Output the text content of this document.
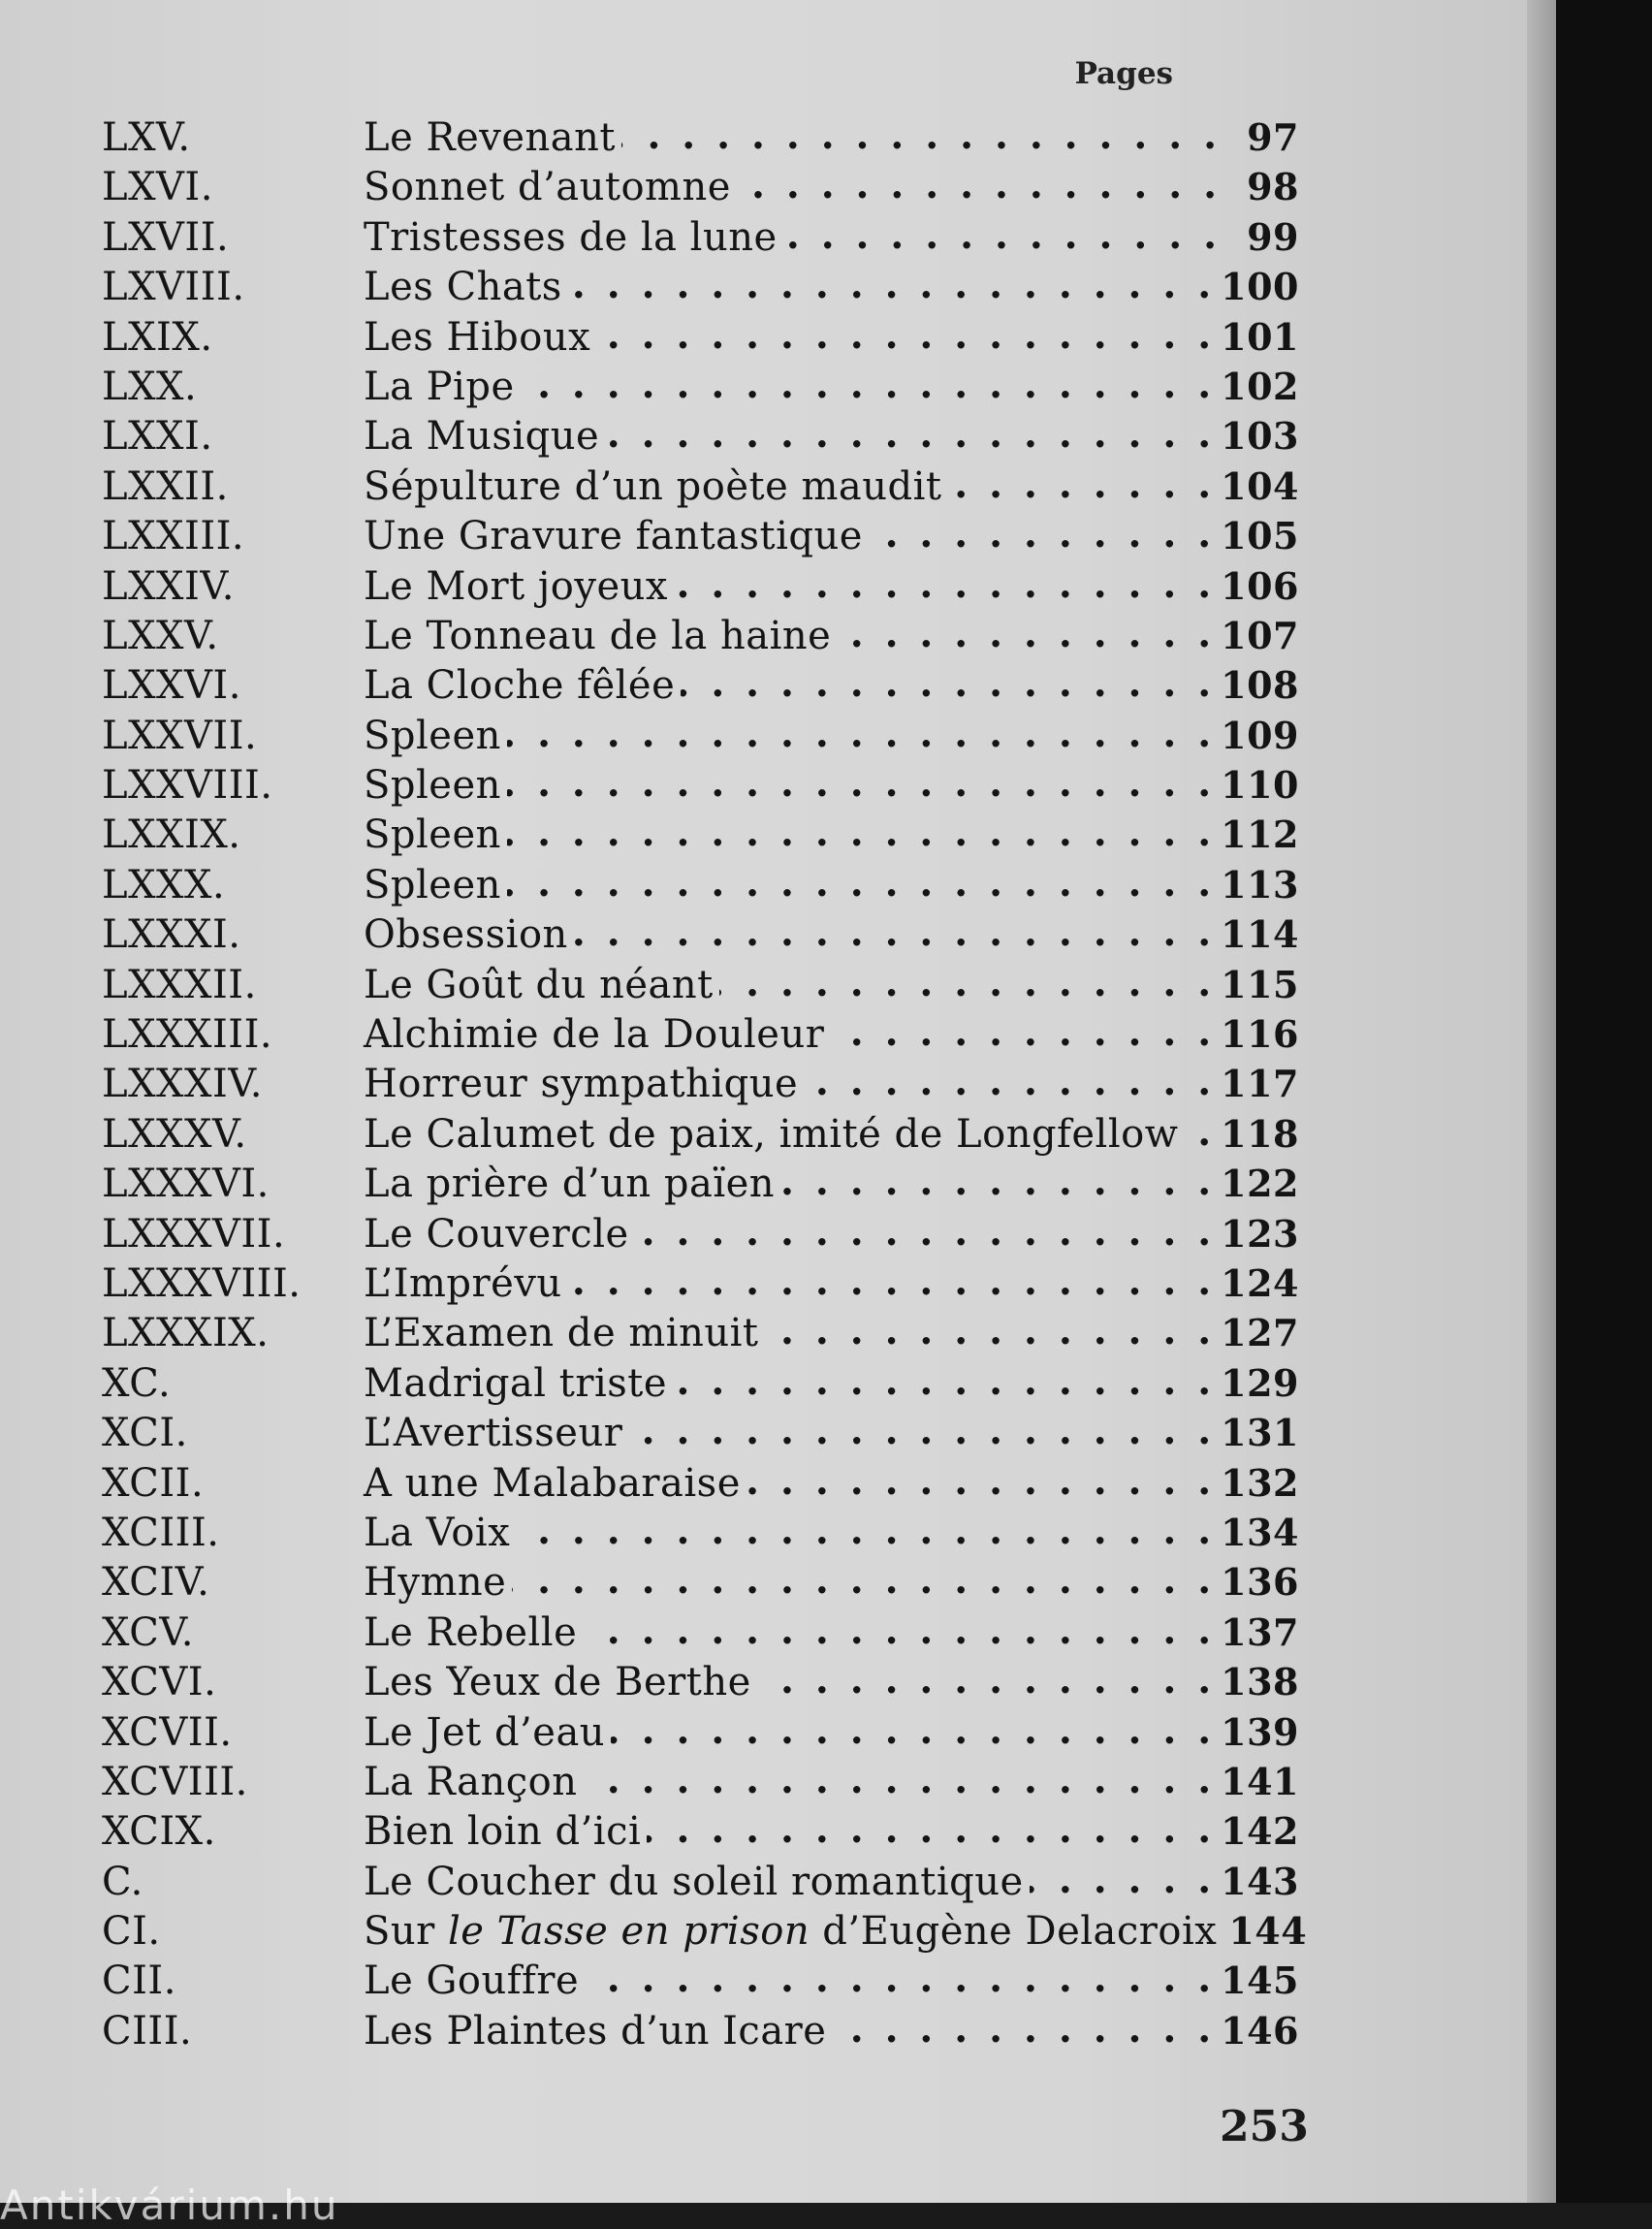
Pages
LXV.	Le Revenant . . .	97
LXVI.	Sonnet d’automne . . .	98
LXVII.	Tristesses de la lune . . .	99
LXVIII.	Les Chats . . .	100
LXIX.	Les Hiboux . . .	101
LXX.	La Pipe . . .	102
LXXI.	La Musique . . .	103
LXXII.	Sépulture d’un poète maudit . . .	104
LXXIII.	Une Gravure fantastique . . .	105
LXXIV.	Le Mort joyeux . . .	106
LXXV.	Le Tonneau de la haine . . .	107
LXXVI.	La Cloche fêlée . . .	108
LXXVII.	Spleen . . .	109
LXXVIII.	Spleen . . .	110
LXXIX.	Spleen . . .	112
LXXX.	Spleen . . .	113
LXXXI.	Obsession . . .	114
LXXXII.	Le Goût du néant . . .	115
LXXXIII.	Alchimie de la Douleur . . .	116
LXXXIV.	Horreur sympathique . . .	117
LXXXV.	Le Calumet de paix, imité de Longfellow . . . 118
LXXXVI.	La prière d’un païen . . .	122
LXXXVII.	Le Couvercle . . .	123
LXXXVIII.	L’Imprévu . . .	124
LXXXIX.	L’Examen de minuit . . .	127
XC.	Madrigal triste . . .	129
XCI.	L’Avertisseur . . .	131
XCII.	A une Malabaraise . . .	132
XCIII.	La Voix . . .	134
XCIV.	Hymne . . .	136
XCV.	Le Rebelle . . .	137
XCVI.	Les Yeux de Berthe . . .	138
XCVII.	Le Jet d’eau . . .	139
XCVIII.	La Rançon . . .	141
XCIX.	Bien loin d’ici . . .	142
C.	Le Coucher du soleil romantique . . .	143
CI.	Sur le Tasse en prison d’Eugène Delacroix 144
CII.	Le Gouffre . . .	145
CIII.	Les Plaintes d’un Icare . . .	146
253
Antikvárium.hu
